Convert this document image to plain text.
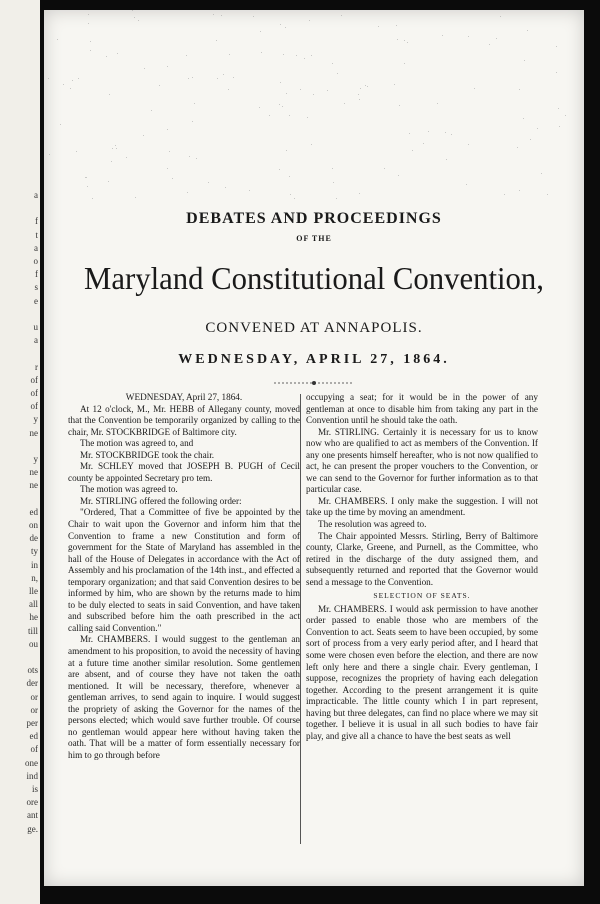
a
f
t
a
o
f
s
e
u
a
r
of
of
of
y
ne
y
ne
ne
ed
on
de
ty
in
n,
lle
all
he
till
ou
ots
der
or
or
per
ed
of
one
ind
is
ore
ant
ge.
DEBATES AND PROCEEDINGS
OF THE
Maryland Constitutional Convention,
CONVENED AT ANNAPOLIS.
WEDNESDAY, APRIL 27, 1864.

WEDNESDAY, April 27, 1864.

At 12 o'clock, M., Mr. HEBB of Allegany county, moved that the Convention be temporarily organized by calling to the chair, Mr. STOCKBRIDGE of Baltimore city.

The motion was agreed to, and

Mr. STOCKBRIDGE took the chair.

Mr. SCHLEY moved that JOSEPH B. PUGH of Cecil county be appointed Secretary pro tem.

The motion was agreed to.

Mr. STIRLING offered the following order:

"Ordered, That a Committee of five be appointed by the Chair to wait upon the Governor and inform him that the Convention to frame a new Constitution and form of government for the State of Maryland has assembled in the hall of the House of Delegates in accordance with the Act of Assembly and his proclamation of the 14th inst., and effected a temporary organization; and that said Convention desires to be informed by him, who are shown by the returns made to him to be duly elected to seats in said Convention, and have taken and subscribed before him the oath prescribed in the act calling said Convention."

Mr. CHAMBERS. I would suggest to the gentleman an amendment to his proposition, to avoid the necessity of having at a future time another similar resolution. Some gentlemen are absent, and of course they have not taken the oath mentioned. It will be necessary, therefore, whenever a gentleman arrives, to send again to inquire. I would suggest the propriety of asking the Governor for the names of the persons elected; which would save further trouble. Of course no gentleman would appear here without having taken the oath. That will be a matter of form essentially necessary for him to go through before

occupying a seat; for it would be in the power of any gentleman at once to disable him from taking any part in the Convention until he should take the oath.

Mr. STIRLING. Certainly it is necessary for us to know now who are qualified to act as members of the Convention. If any one presents himself hereafter, who is not now qualified to act, he can present the proper vouchers to the Convention, or we can send to the Governor for further information as to that particular case.

Mr. CHAMBERS. I only make the suggestion. I will not take up the time by moving an amendment.

The resolution was agreed to.

The Chair appointed Messrs. Stirling, Berry of Baltimore county, Clarke, Greene, and Purnell, as the Committee, who retired in the discharge of the duty assigned them, and subsequently returned and reported that the Governor would send a message to the Convention.

SELECTION OF SEATS.

Mr. CHAMBERS. I would ask permission to have another order passed to enable those who are members of the Convention to act. Seats seem to have been occupied, by some sort of process from a very early period after, and I heard that some were chosen even before the election, and there are now left only here and there a single chair. Every gentleman, I suppose, recognizes the propriety of having each delegation together. According to the present arrangement it is quite impracticable. The little county which I in part represent, having but three delegates, can find no place where we may sit together. I believe it is usual in all such bodies to have fair play, and give all a chance to have the best seats as well
